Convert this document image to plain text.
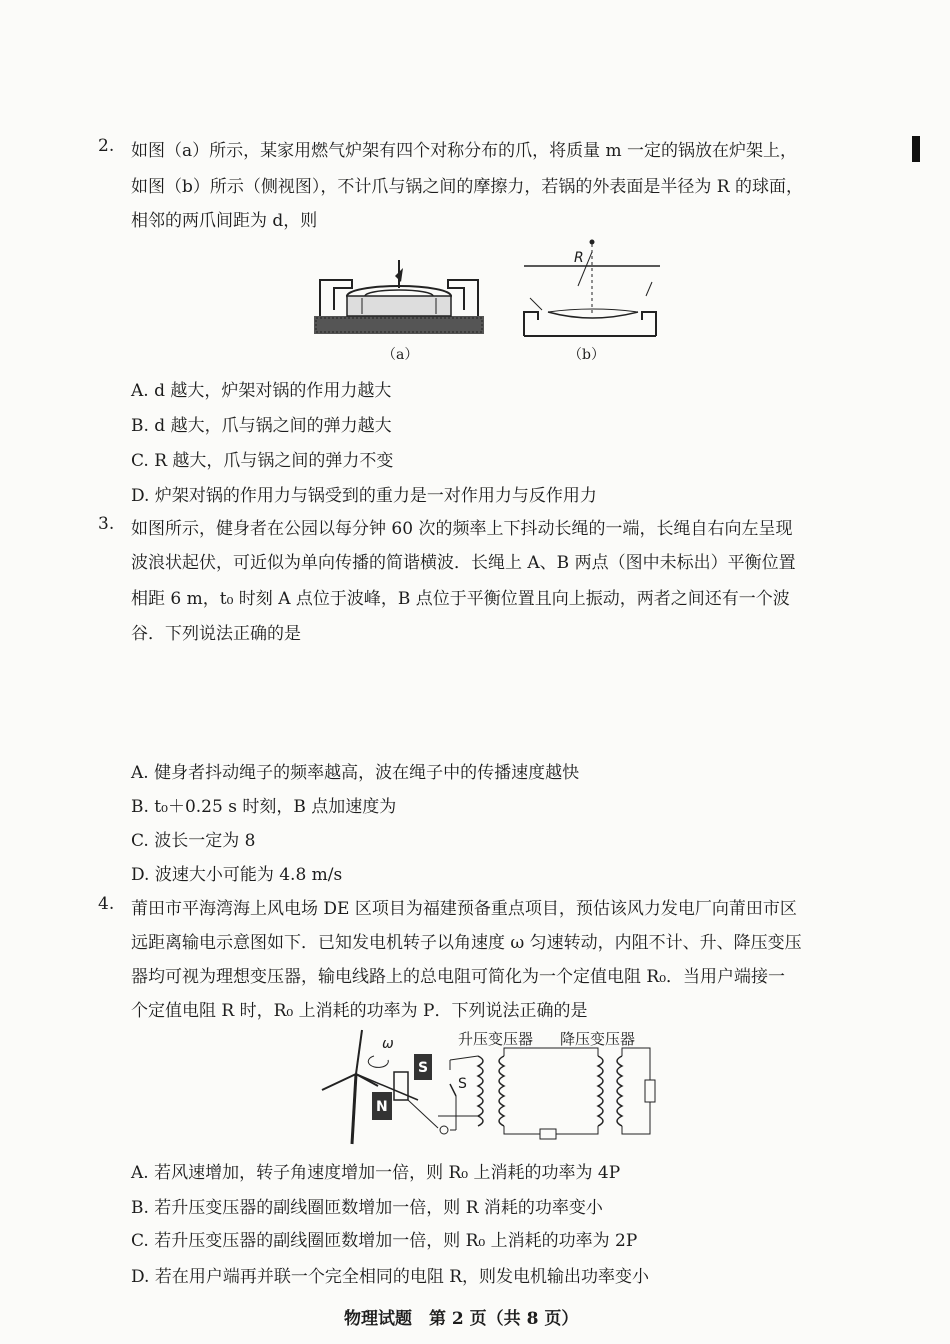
2. 如图（a）所示，某家用燃气炉架有四个对称分布的爪，将质量 m 一定的锅放在炉架上，
如图（b）所示（侧视图），不计爪与锅之间的摩擦力，若锅的外表面是半径为 R 的球面，
相邻的两爪间距为 d，则
（a）
R
（b）
A. d 越大，炉架对锅的作用力越大
B. d 越大，爪与锅之间的弹力越大
C. R 越大，爪与锅之间的弹力不变
D. 炉架对锅的作用力与锅受到的重力是一对作用力与反作用力
3. 如图所示，健身者在公园以每分钟 60 次的频率上下抖动长绳的一端，长绳自右向左呈现
波浪状起伏，可近似为单向传播的简谐横波．长绳上 A、B 两点（图中未标出）平衡位置
相距 6 m，t₀ 时刻 A 点位于波峰，B 点位于平衡位置且向上振动，两者之间还有一个波
谷．下列说法正确的是
A. 健身者抖动绳子的频率越高，波在绳子中的传播速度越快
B. t₀＋0.25 s 时刻，B 点加速度为
C. 波长一定为 8
D. 波速大小可能为 4.8 m/s
4. 莆田市平海湾海上风电场 DE 区项目为福建预备重点项目，预估该风力发电厂向莆田市区
远距离输电示意图如下．已知发电机转子以角速度 ω 匀速转动，内阻不计、升、降压变压
器均可视为理想变压器，输电线路上的总电阻可简化为一个定值电阻 R₀．当用户端接一
个定值电阻 R 时，R₀ 上消耗的功率为 P．下列说法正确的是
ω
S
N
S
升压变压器 降压变压器
A. 若风速增加，转子角速度增加一倍，则 R₀ 上消耗的功率为 4P
B. 若升压变压器的副线圈匝数增加一倍，则 R 消耗的功率变小
C. 若升压变压器的副线圈匝数增加一倍，则 R₀ 上消耗的功率为 2P
D. 若在用户端再并联一个完全相同的电阻 R，则发电机输出功率变小
物理试题　第 2 页（共 8 页）
